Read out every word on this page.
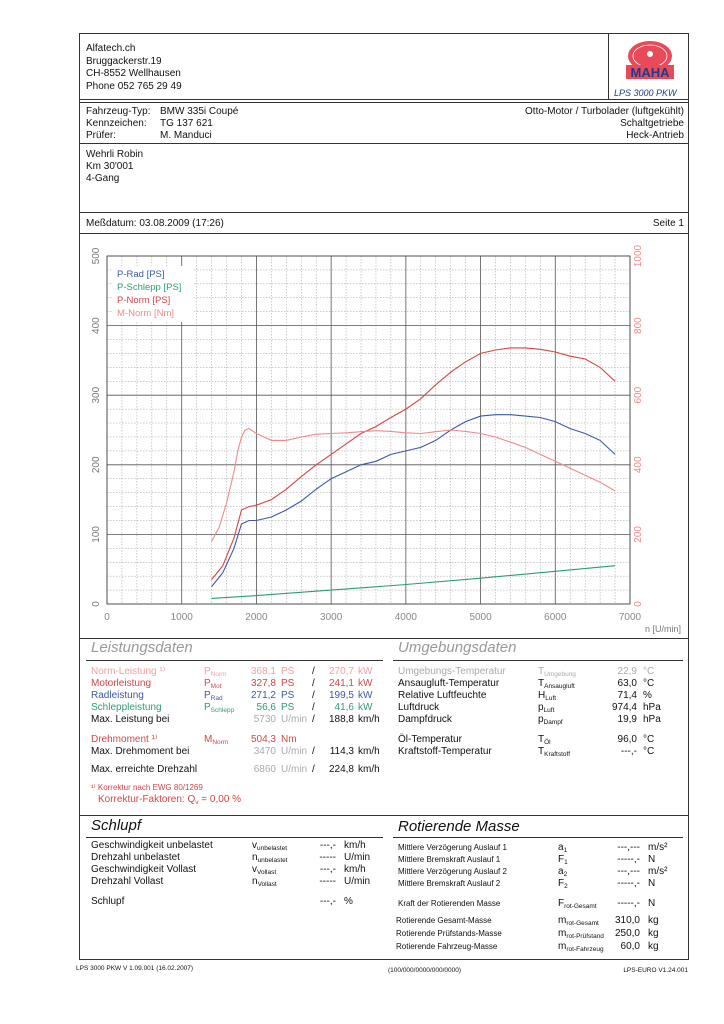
Alfatech.ch
Bruggackerstr.19
CH-8552 Wellhausen
Phone 052 765 29 49
MAHA
LPS 3000 PKW
Fahrzeug-Typ: BMW 335i Coupé
Kennzeichen: TG 137 621
Prüfer:	M. Manduci
Otto-Motor / Turbolader (luftgekühlt)
Schaltgetriebe
Heck-Antrieb
Wehrli Robin
Km 30'001
4-Gang
Meßdatum: 03.08.2009 (17:26)	Seite 1
0
100
200
300
400
500
0
200
400
600
800
1000
0	1000	2000	3000	4000	5000	6000	7000
P-Rad [PS]
P-Schlepp [PS]
P-Norm [PS]
M-Norm [Nm]
n [U/min]
Leistungsdaten
Norm-Leistung ¹⁾	$P_{Norm}$	368,1 PS /	270,7 kW
Motorleistung	$P_{Mot}$	327,8 PS /	241,1 kW
Radleistung	$P_{Rad}$	271,2 PS /	199,5 kW
Schleppleistung	$P_{Schlepp}$	56,6 PS /	41,6 kW
Max. Leistung bei	5730 U/min /	188,8 km/h
Drehmoment ¹⁾	$M_{Norm}$	504,3 Nm
Max. Drehmoment bei	3470 U/min /	114,3 km/h
Max. erreichte Drehzahl	6860 U/min /	224,8 km/h
¹⁾ Korrektur nach EWG 80/1269
Korrektur-Faktoren: $Q_v = 0,00$ %
Umgebungsdaten
Umgebungs-Temperatur	$T_{Umgebung}$	22,9 °C
Ansaugluft-Temperatur	$T_{Ansaugluft}$	63,0 °C
Relative Luftfeuchte	$H_{Luft}$	71,4 %
Luftdruck	$p_{Luft}$	974,4 hPa
Dampfdruck	$p_{Dampf}$	19,9 hPa
Öl-Temperatur	$T_{Öl}$	96,0 °C
Kraftstoff-Temperatur	$T_{Kraftstoff}$	---,- °C
Schlupf
Geschwindigkeit unbelastet	$v_{unbelastet}$	---,- km/h
Drehzahl unbelastet	$n_{unbelastet}$	----- U/min
Geschwindigkeit Vollast	$v_{Vollast}$	---,- km/h
Drehzahl Vollast	$n_{Vollast}$	----- U/min
Schlupf	---,- %
Rotierende Masse
Mittlere Verzögerung Auslauf 1	$a_1$	---,--- m/s²
Mittlere Bremskraft Auslauf 1	$F_1$	-----,- N
Mittlere Verzögerung Auslauf 2	$a_2$	---,--- m/s²
Mittlere Bremskraft Auslauf 2	$F_2$	-----,- N
Kraft der Rotierenden Masse	$F_{rot-Gesamt}$	-----,- N
Rotierende Gesamt-Masse	$m_{rot-Gesamt}$	310,0 kg
Rotierende Prüfstands-Masse	$m_{rot-Prüfstand}$	250,0 kg
Rotierende Fahrzeug-Masse	$m_{rot-Fahrzeug}$	60,0 kg
LPS 3000 PKW V 1.09.001 (16.02.2007)	(100/000/0000/000/0000)	LPS-EURO V1.24.001
